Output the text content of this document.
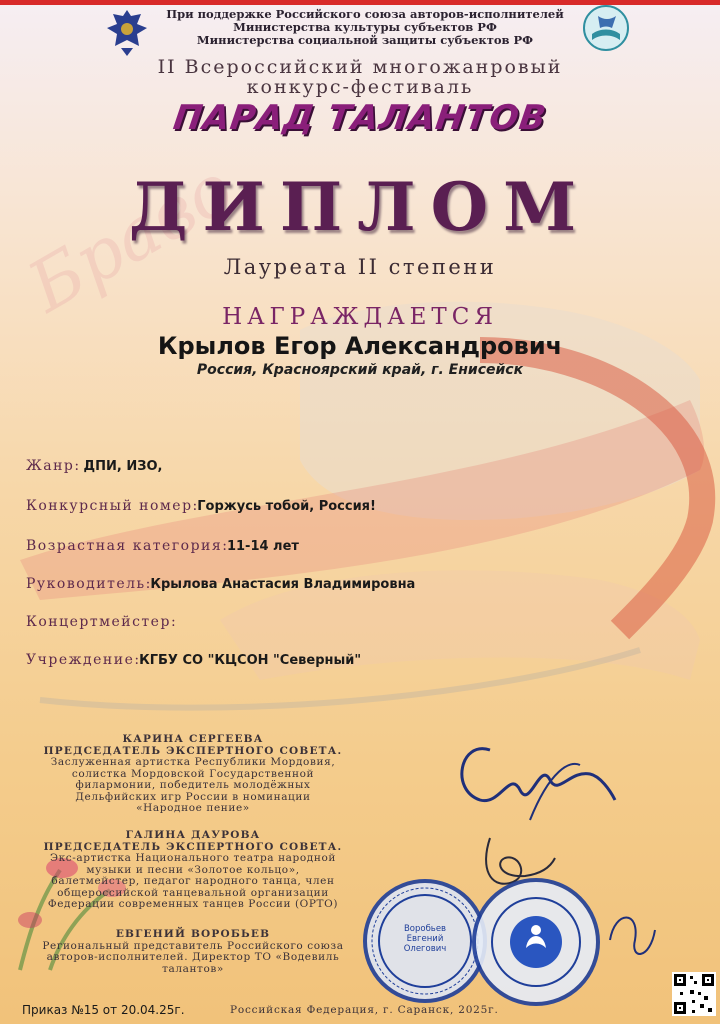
Браво
При поддержке Российского союза авторов-исполнителей
Министерства культуры субъектов РФ
Министерства социальной защиты субъектов РФ
II Всероссийский многожанровый
конкурс-фестиваль
ПАРАД ТАЛАНТОВ
ДИПЛОМ
Лауреата II степени
НАГРАЖДАЕТСЯ
Крылов Егор Александрович
Россия, Красноярский край, г. Енисейск
Жанр: ДПИ, ИЗО,
Конкурсный номер:Горжусь тобой, Россия!
Возрастная категория:11-14 лет
Руководитель:Крылова Анастасия Владимировна
Концертмейстер:
Учреждение:КГБУ СО "КЦСОН "Северный"
КАРИНА СЕРГЕЕВА
ПРЕДСЕДАТЕЛЬ ЭКСПЕРТНОГО СОВЕТА.
Заслуженная артистка Республики Мордовия,
солистка Мордовской Государственной
филармонии, победитель молодёжных
Дельфийских игр России в номинации
«Народное пение»
ГАЛИНА ДАУРОВА
ПРЕДСЕДАТЕЛЬ ЭКСПЕРТНОГО СОВЕТА.
Экс-артистка Национального театра народной
музыки и песни «Золотое кольцо»,
балетмейстер, педагог народного танца, член
общероссийской танцевальной организации
Федерации современных танцев России (ОРТО)
ЕВГЕНИЙ ВОРОБЬЕВ
Региональный представитель Российского союза
авторов-исполнителей. Директор ТО «Водевиль
талантов»
Воробьев
Евгений
Олегович
Приказ №15 от 20.04.25г.	Российская Федерация, г. Саранск, 2025г.
